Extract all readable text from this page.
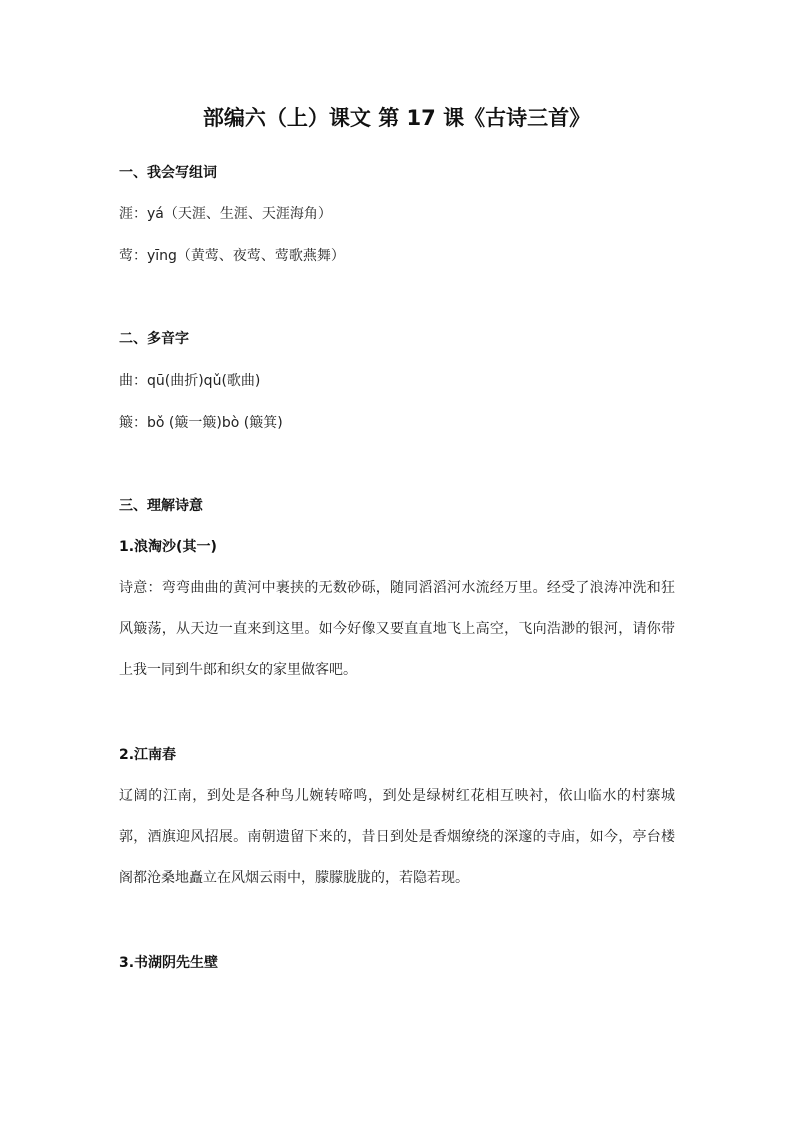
部编六（上）课文 第 17 课《古诗三首》
一、我会写组词
涯：yá（天涯、生涯、天涯海角）
莺：yīng（黄莺、夜莺、莺歌燕舞）
二、多音字
曲：qū(曲折)qǔ(歌曲)
簸：bǒ (簸一簸)bò (簸箕)
三、理解诗意
1.浪淘沙(其一)
诗意：弯弯曲曲的黄河中裹挟的无数砂砾，随同滔滔河水流经万里。经受了浪涛冲洗和狂风簸荡，从天边一直来到这里。如今好像又要直直地飞上高空，飞向浩渺的银河，请你带上我一同到牛郎和织女的家里做客吧。
2.江南春
辽阔的江南，到处是各种鸟儿婉转啼鸣，到处是绿树红花相互映衬，依山临水的村寨城郭，酒旗迎风招展。南朝遗留下来的，昔日到处是香烟缭绕的深邃的寺庙，如今，亭台楼阁都沧桑地矗立在风烟云雨中，朦朦胧胧的，若隐若现。
3.书湖阴先生壁
